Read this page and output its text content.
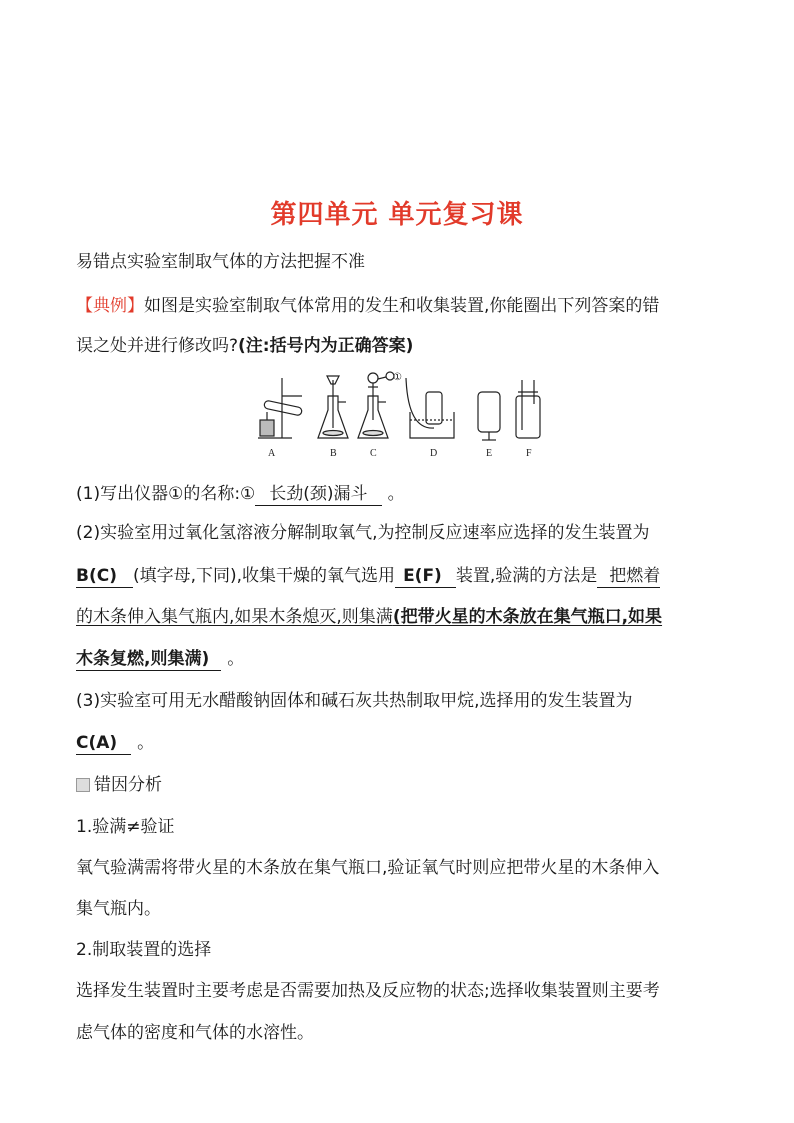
第四单元 单元复习课
易错点实验室制取气体的方法把握不准
【典例】如图是实验室制取气体常用的发生和收集装置,你能圈出下列答案的错
误之处并进行修改吗?(注:括号内为正确答案)
①
A	B	C	D	E	F
(1)写出仪器①的名称:① 长劲(颈)漏斗 。
(2)实验室用过氧化氢溶液分解制取氧气,为控制反应速率应选择的发生装置为
B(C) (填字母,下同),收集干燥的氧气选用 E(F) 装置,验满的方法是 把燃着
的木条伸入集气瓶内,如果木条熄灭,则集满(把带火星的木条放在集气瓶口,如果
木条复燃,则集满) 。
(3)实验室可用无水醋酸钠固体和碱石灰共热制取甲烷,选择用的发生装置为
C(A) 。
错因分析
1.验满≠验证
氧气验满需将带火星的木条放在集气瓶口,验证氧气时则应把带火星的木条伸入
集气瓶内。
2.制取装置的选择
选择发生装置时主要考虑是否需要加热及反应物的状态;选择收集装置则主要考
虑气体的密度和气体的水溶性。
